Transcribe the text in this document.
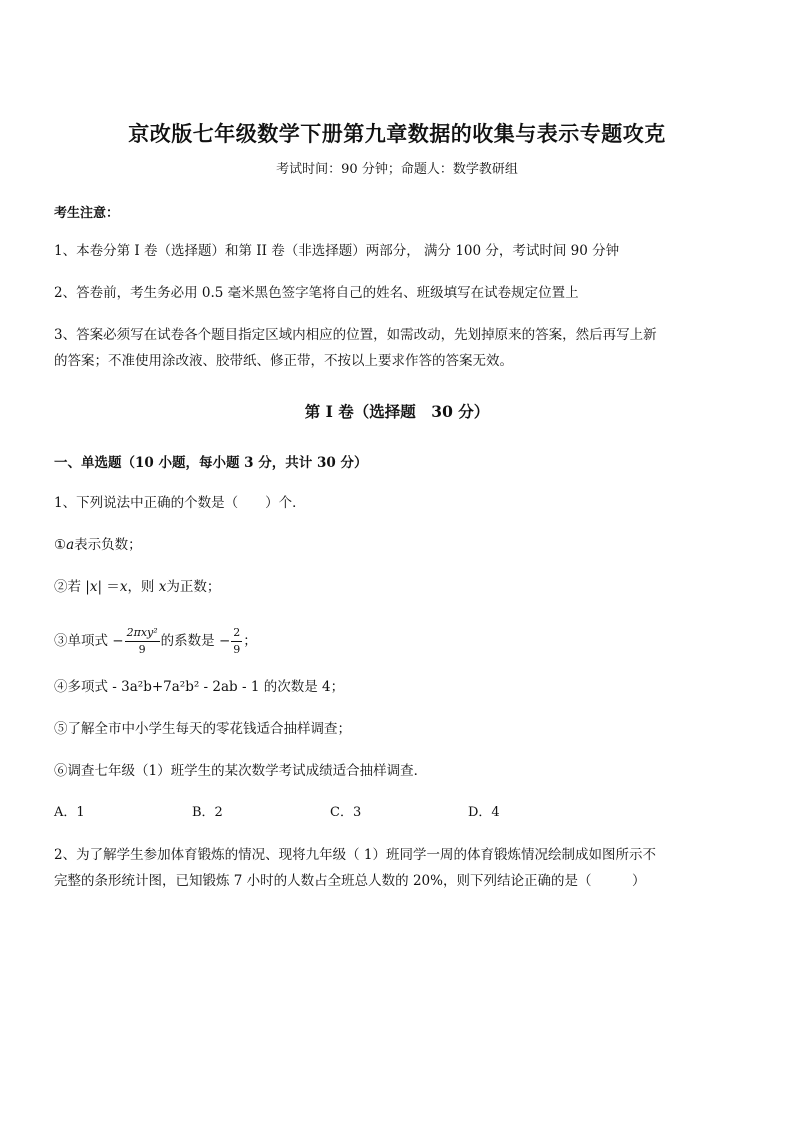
京改版七年级数学下册第九章数据的收集与表示专题攻克
考试时间：90 分钟；命题人：数学教研组
考生注意：
1、本卷分第 I 卷（选择题）和第 II 卷（非选择题）两部分， 满分 100 分，考试时间 90 分钟
2、答卷前，考生务必用 0.5 毫米黑色签字笔将自己的姓名、班级填写在试卷规定位置上
3、答案必须写在试卷各个题目指定区域内相应的位置，如需改动，先划掉原来的答案，然后再写上新
的答案；不准使用涂改液、胶带纸、修正带，不按以上要求作答的答案无效。
第 I 卷（选择题　30 分）
一、单选题（10 小题，每小题 3 分，共计 30 分）
1、下列说法中正确的个数是（　　）个．
①a表示负数；
②若 |x| ＝x，则 x为正数；
③单项式 − $\frac{\text{2πxy²}}{9}$ 的系数是 − $\frac{2}{9}$ ；
④多项式 - 3a²b+7a²b² - 2ab - 1 的次数是 4；
⑤了解全市中小学生每天的零花钱适合抽样调查；
⑥调查七年级（1）班学生的某次数学考试成绩适合抽样调查．
A．1	B．2	C．3	D．4
2、为了解学生参加体育锻炼的情况、现将九年级（ 1）班同学一周的体育锻炼情况绘制成如图所示不
完整的条形统计图，已知锻炼 7 小时的人数占全班总人数的 20%，则下列结论正确的是（　　　）
